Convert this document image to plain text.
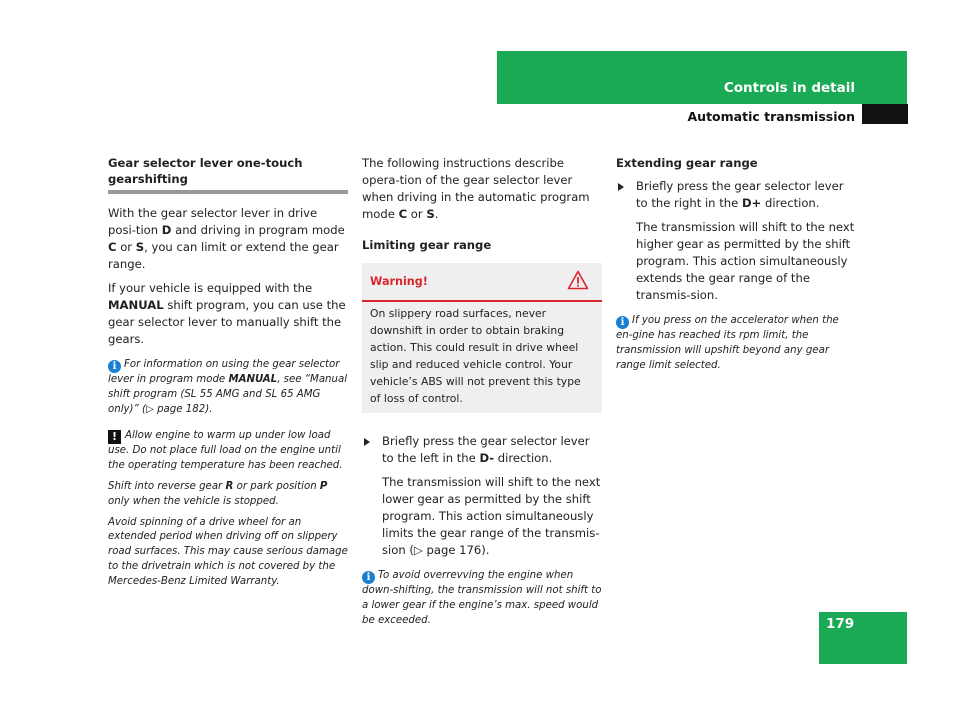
Controls in detail
Automatic transmission
Gear selector lever one-touch gearshifting

With the gear selector lever in drive posi-tion D and driving in program mode C or S, you can limit or extend the gear range.

If your vehicle is equipped with the MANUAL shift program, you can use the gear selector lever to manually shift the gears.

i For information on using the gear selector lever in program mode MANUAL, see “Manual shift program (SL 55 AMG and SL 65 AMG only)” (▷ page 182).
! Allow engine to warm up under low load use. Do not place full load on the engine until the operating temperature has been reached.
Shift into reverse gear R or park position P only when the vehicle is stopped.
Avoid spinning of a drive wheel for an extended period when driving off on slippery road surfaces. This may cause serious damage to the drivetrain which is not covered by the Mercedes-Benz Limited Warranty.

The following instructions describe opera-tion of the gear selector lever when driving in the automatic program mode C or S.

Limiting gear range
Warning!
On slippery road surfaces, never downshift in order to obtain braking action. This could result in drive wheel slip and reduced vehicle control. Your vehicle’s ABS will not prevent this type of loss of control.
Briefly press the gear selector lever to the left in the D- direction.
The transmission will shift to the next lower gear as permitted by the shift program. This action simultaneously limits the gear range of the transmis-sion (▷ page 176).
i To avoid overrevving the engine when down-shifting, the transmission will not shift to a lower gear if the engine’s max. speed would be exceeded.
Extending gear range
Briefly press the gear selector lever to the right in the D+ direction.
The transmission will shift to the next higher gear as permitted by the shift program. This action simultaneously extends the gear range of the transmis-sion.
i If you press on the accelerator when the en-gine has reached its rpm limit, the transmission will upshift beyond any gear range limit selected.
179
